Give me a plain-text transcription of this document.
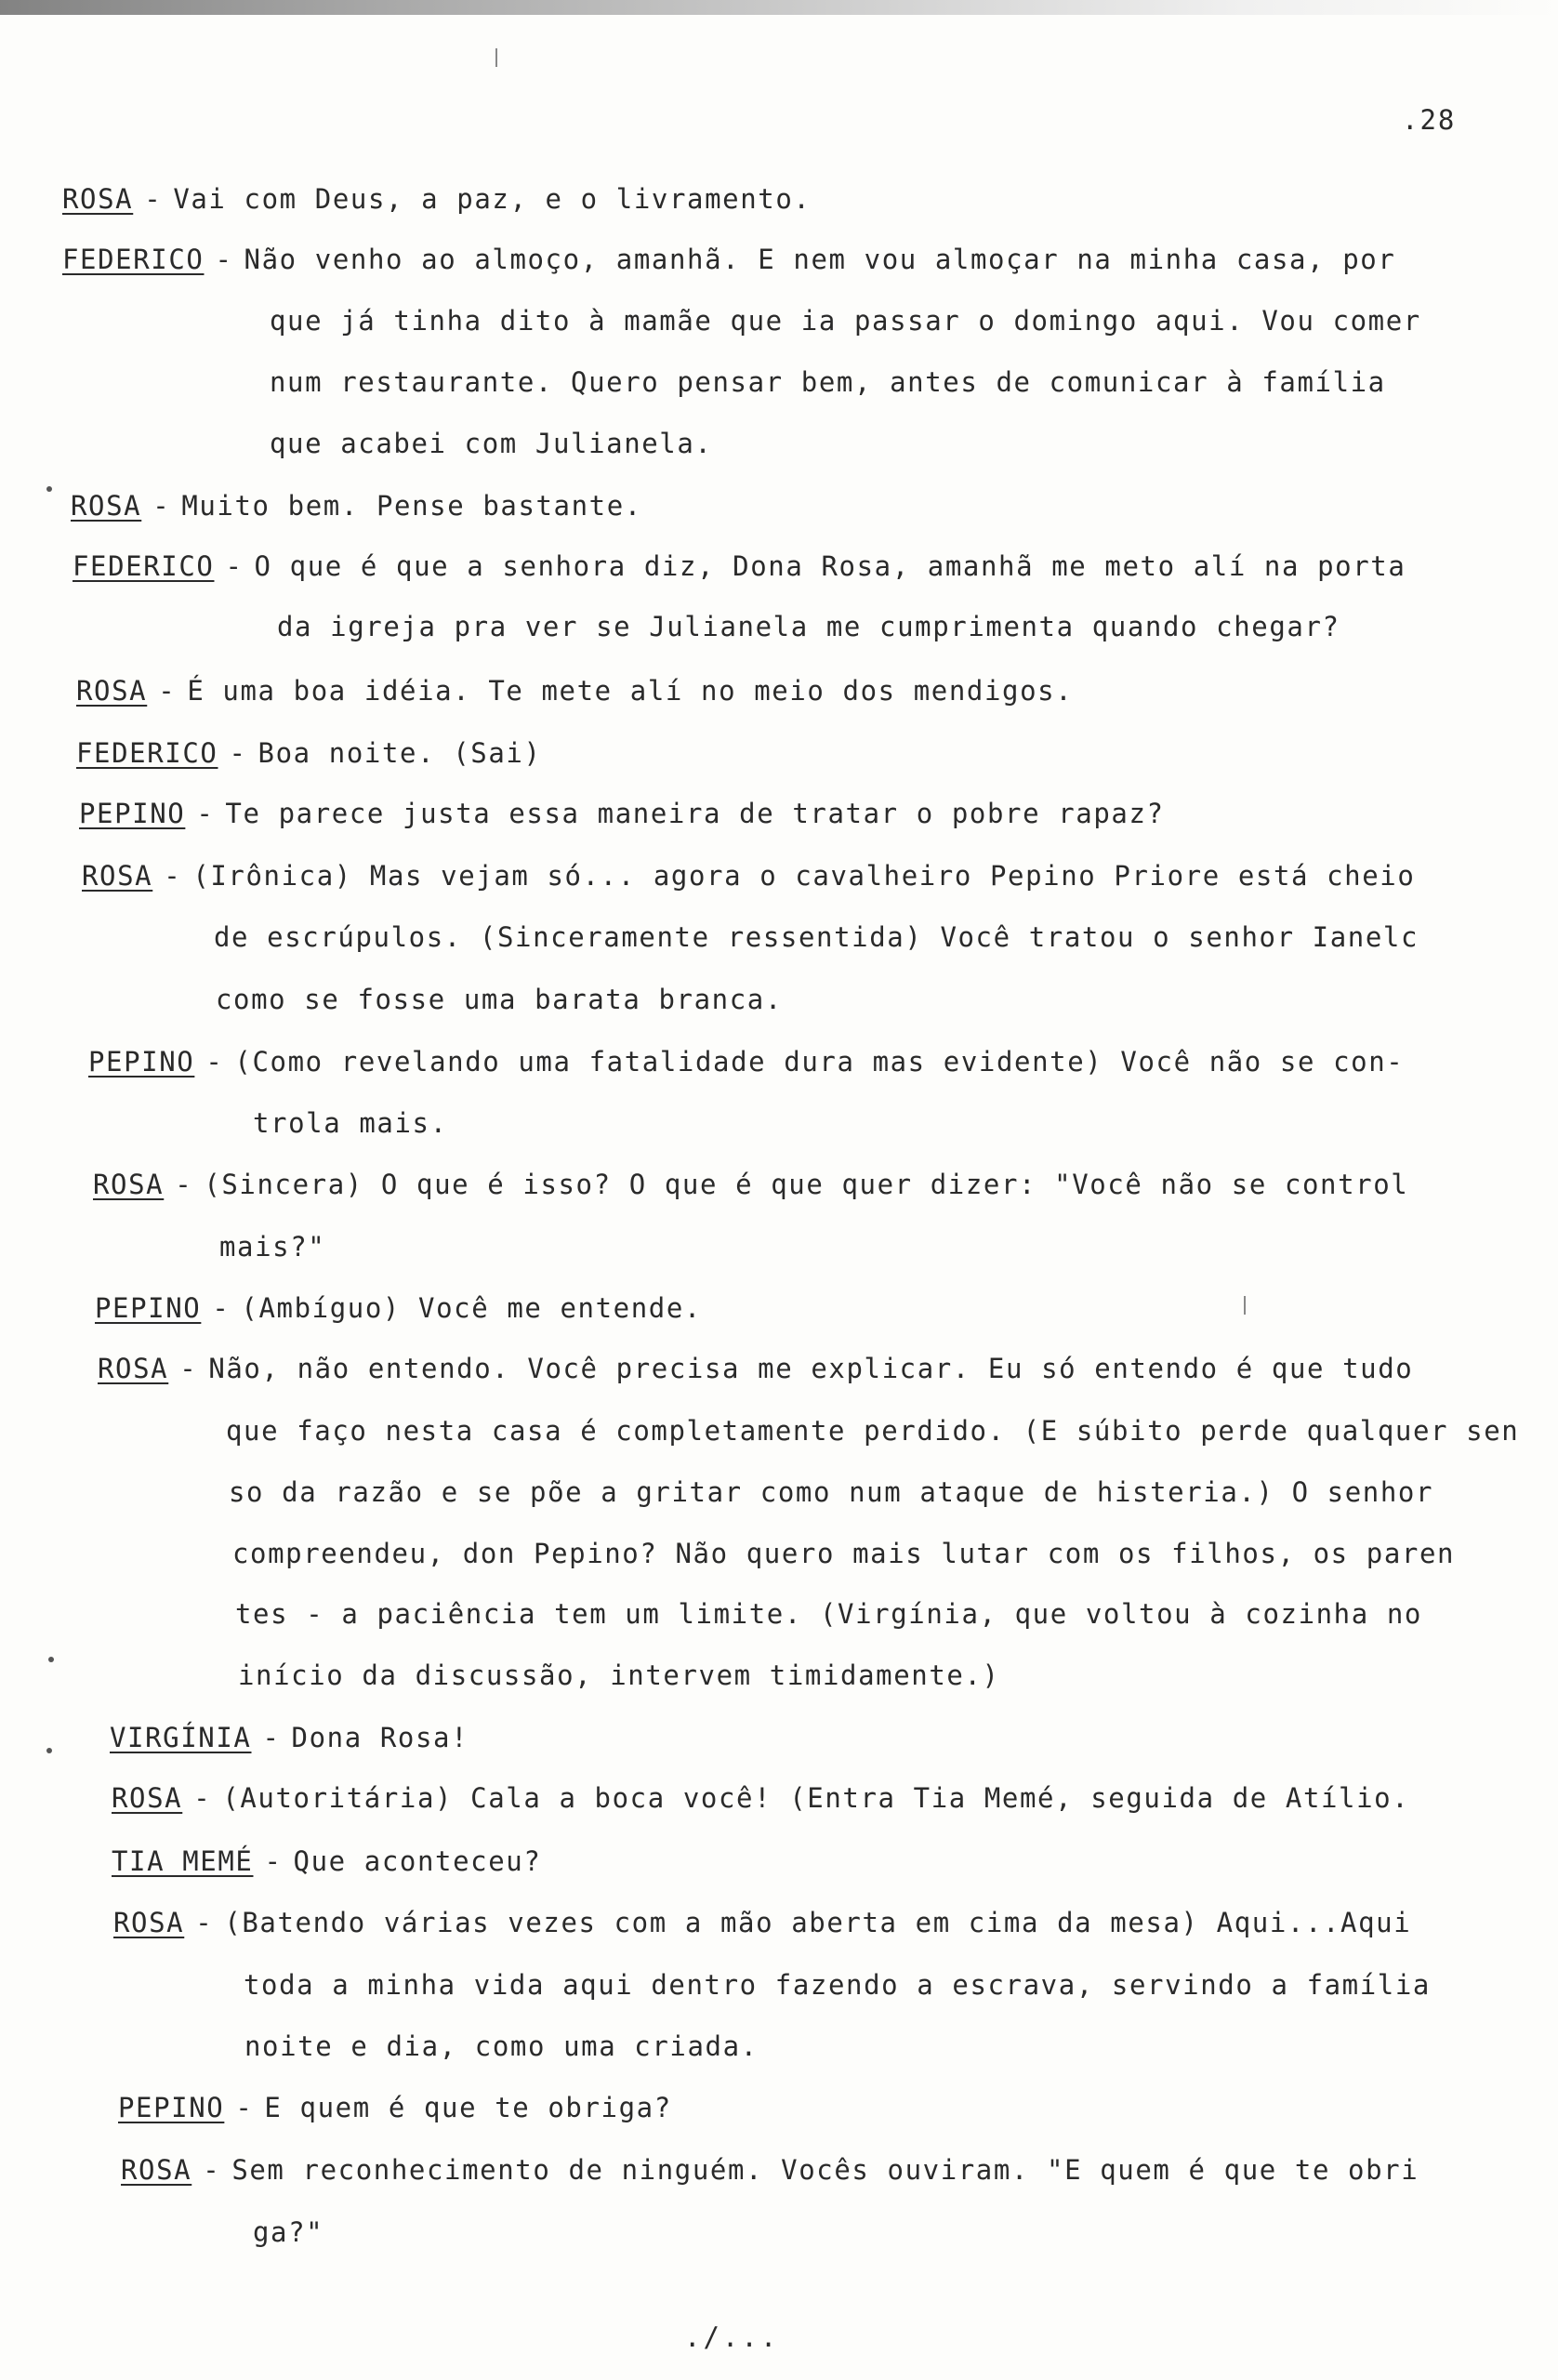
.28
ROSA - Vai com Deus, a paz, e o livramento.
FEDERICO - Não venho ao almoço, amanhã. E nem vou almoçar na minha casa, por
que já tinha dito à mamãe que ia passar o domingo aqui. Vou comer
num restaurante. Quero pensar bem, antes de comunicar à família
que acabei com Julianela.
ROSA - Muito bem. Pense bastante.
FEDERICO - O que é que a senhora diz, Dona Rosa, amanhã me meto alí na porta
da igreja pra ver se Julianela me cumprimenta quando chegar?
ROSA - É uma boa idéia. Te mete alí no meio dos mendigos.
FEDERICO - Boa noite. (Sai)
PEPINO - Te parece justa essa maneira de tratar o pobre rapaz?
ROSA - (Irônica) Mas vejam só... agora o cavalheiro Pepino Priore está cheio
de escrúpulos. (Sinceramente ressentida) Você tratou o senhor Ianelc
como se fosse uma barata branca.
PEPINO - (Como revelando uma fatalidade dura mas evidente) Você não se con-
trola mais.
ROSA - (Sincera) O que é isso? O que é que quer dizer: "Você não se control
mais?"
PEPINO - (Ambíguo) Você me entende.
ROSA - Não, não entendo. Você precisa me explicar. Eu só entendo é que tudo
que faço nesta casa é completamente perdido. (E súbito perde qualquer sen
so da razão e se põe a gritar como num ataque de histeria.) O senhor
compreendeu, don Pepino? Não quero mais lutar com os filhos, os paren
tes - a paciência tem um limite. (Virgínia, que voltou à cozinha no
início da discussão, intervem timidamente.)
VIRGÍNIA - Dona Rosa!
ROSA - (Autoritária) Cala a boca você! (Entra Tia Memé, seguida de Atílio.
TIA MEMÉ - Que aconteceu?
ROSA - (Batendo várias vezes com a mão aberta em cima da mesa) Aqui...Aqui
toda a minha vida aqui dentro fazendo a escrava, servindo a família
noite e dia, como uma criada.
PEPINO - E quem é que te obriga?
ROSA - Sem reconhecimento de ninguém. Vocês ouviram. "E quem é que te obri
ga?"
./...
